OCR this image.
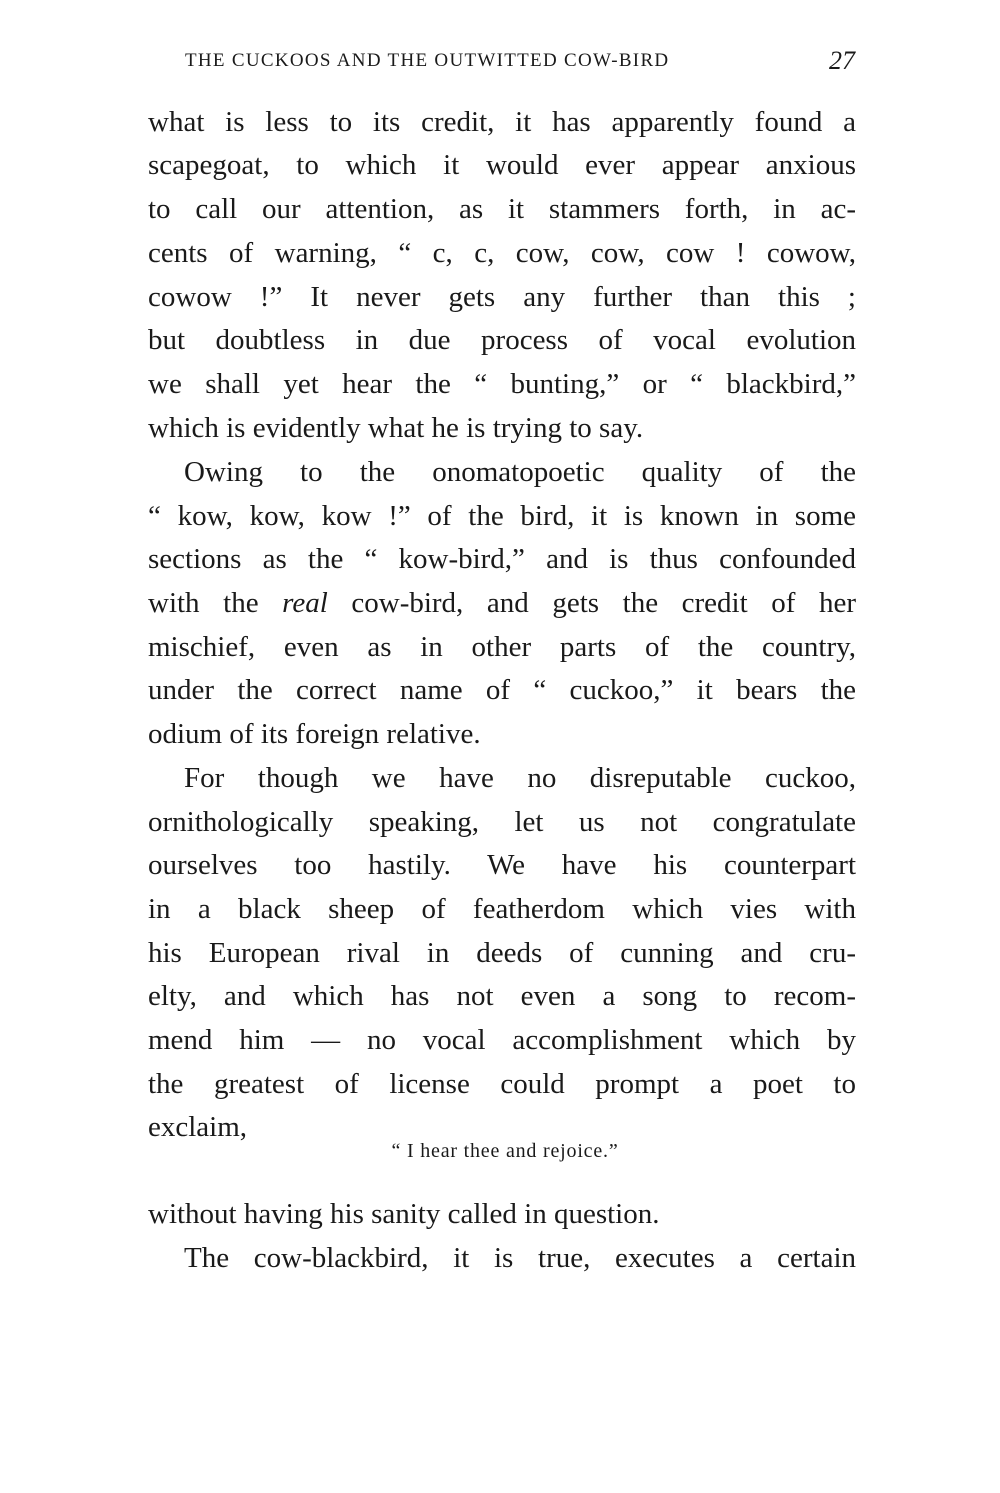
THE CUCKOOS AND THE OUTWITTED COW-BIRD	27
what is less to its credit, it has apparently found a
scapegoat, to which it would ever appear anxious
to call our attention, as it stammers forth, in ac-
cents of warning, “ c, c, cow, cow, cow ! cowow,
cowow !” It never gets any further than this ;
but doubtless in due process of vocal evolution
we shall yet hear the “ bunting,” or “ blackbird,”
which is evidently what he is trying to say.
Owing to the onomatopoetic quality of the
“ kow, kow, kow !” of the bird, it is known in some
sections as the “ kow-bird,” and is thus confounded
with the real cow-bird, and gets the credit of her
mischief, even as in other parts of the country,
under the correct name of “ cuckoo,” it bears the
odium of its foreign relative.
For though we have no disreputable cuckoo,
ornithologically speaking, let us not congratulate
ourselves too hastily. We have his counterpart
in a black sheep of featherdom which vies with
his European rival in deeds of cunning and cru-
elty, and which has not even a song to recom-
mend him — no vocal accomplishment which by
the greatest of license could prompt a poet to
exclaim,
“ I hear thee and rejoice.”
without having his sanity called in question.
The cow-blackbird, it is true, executes a certain
